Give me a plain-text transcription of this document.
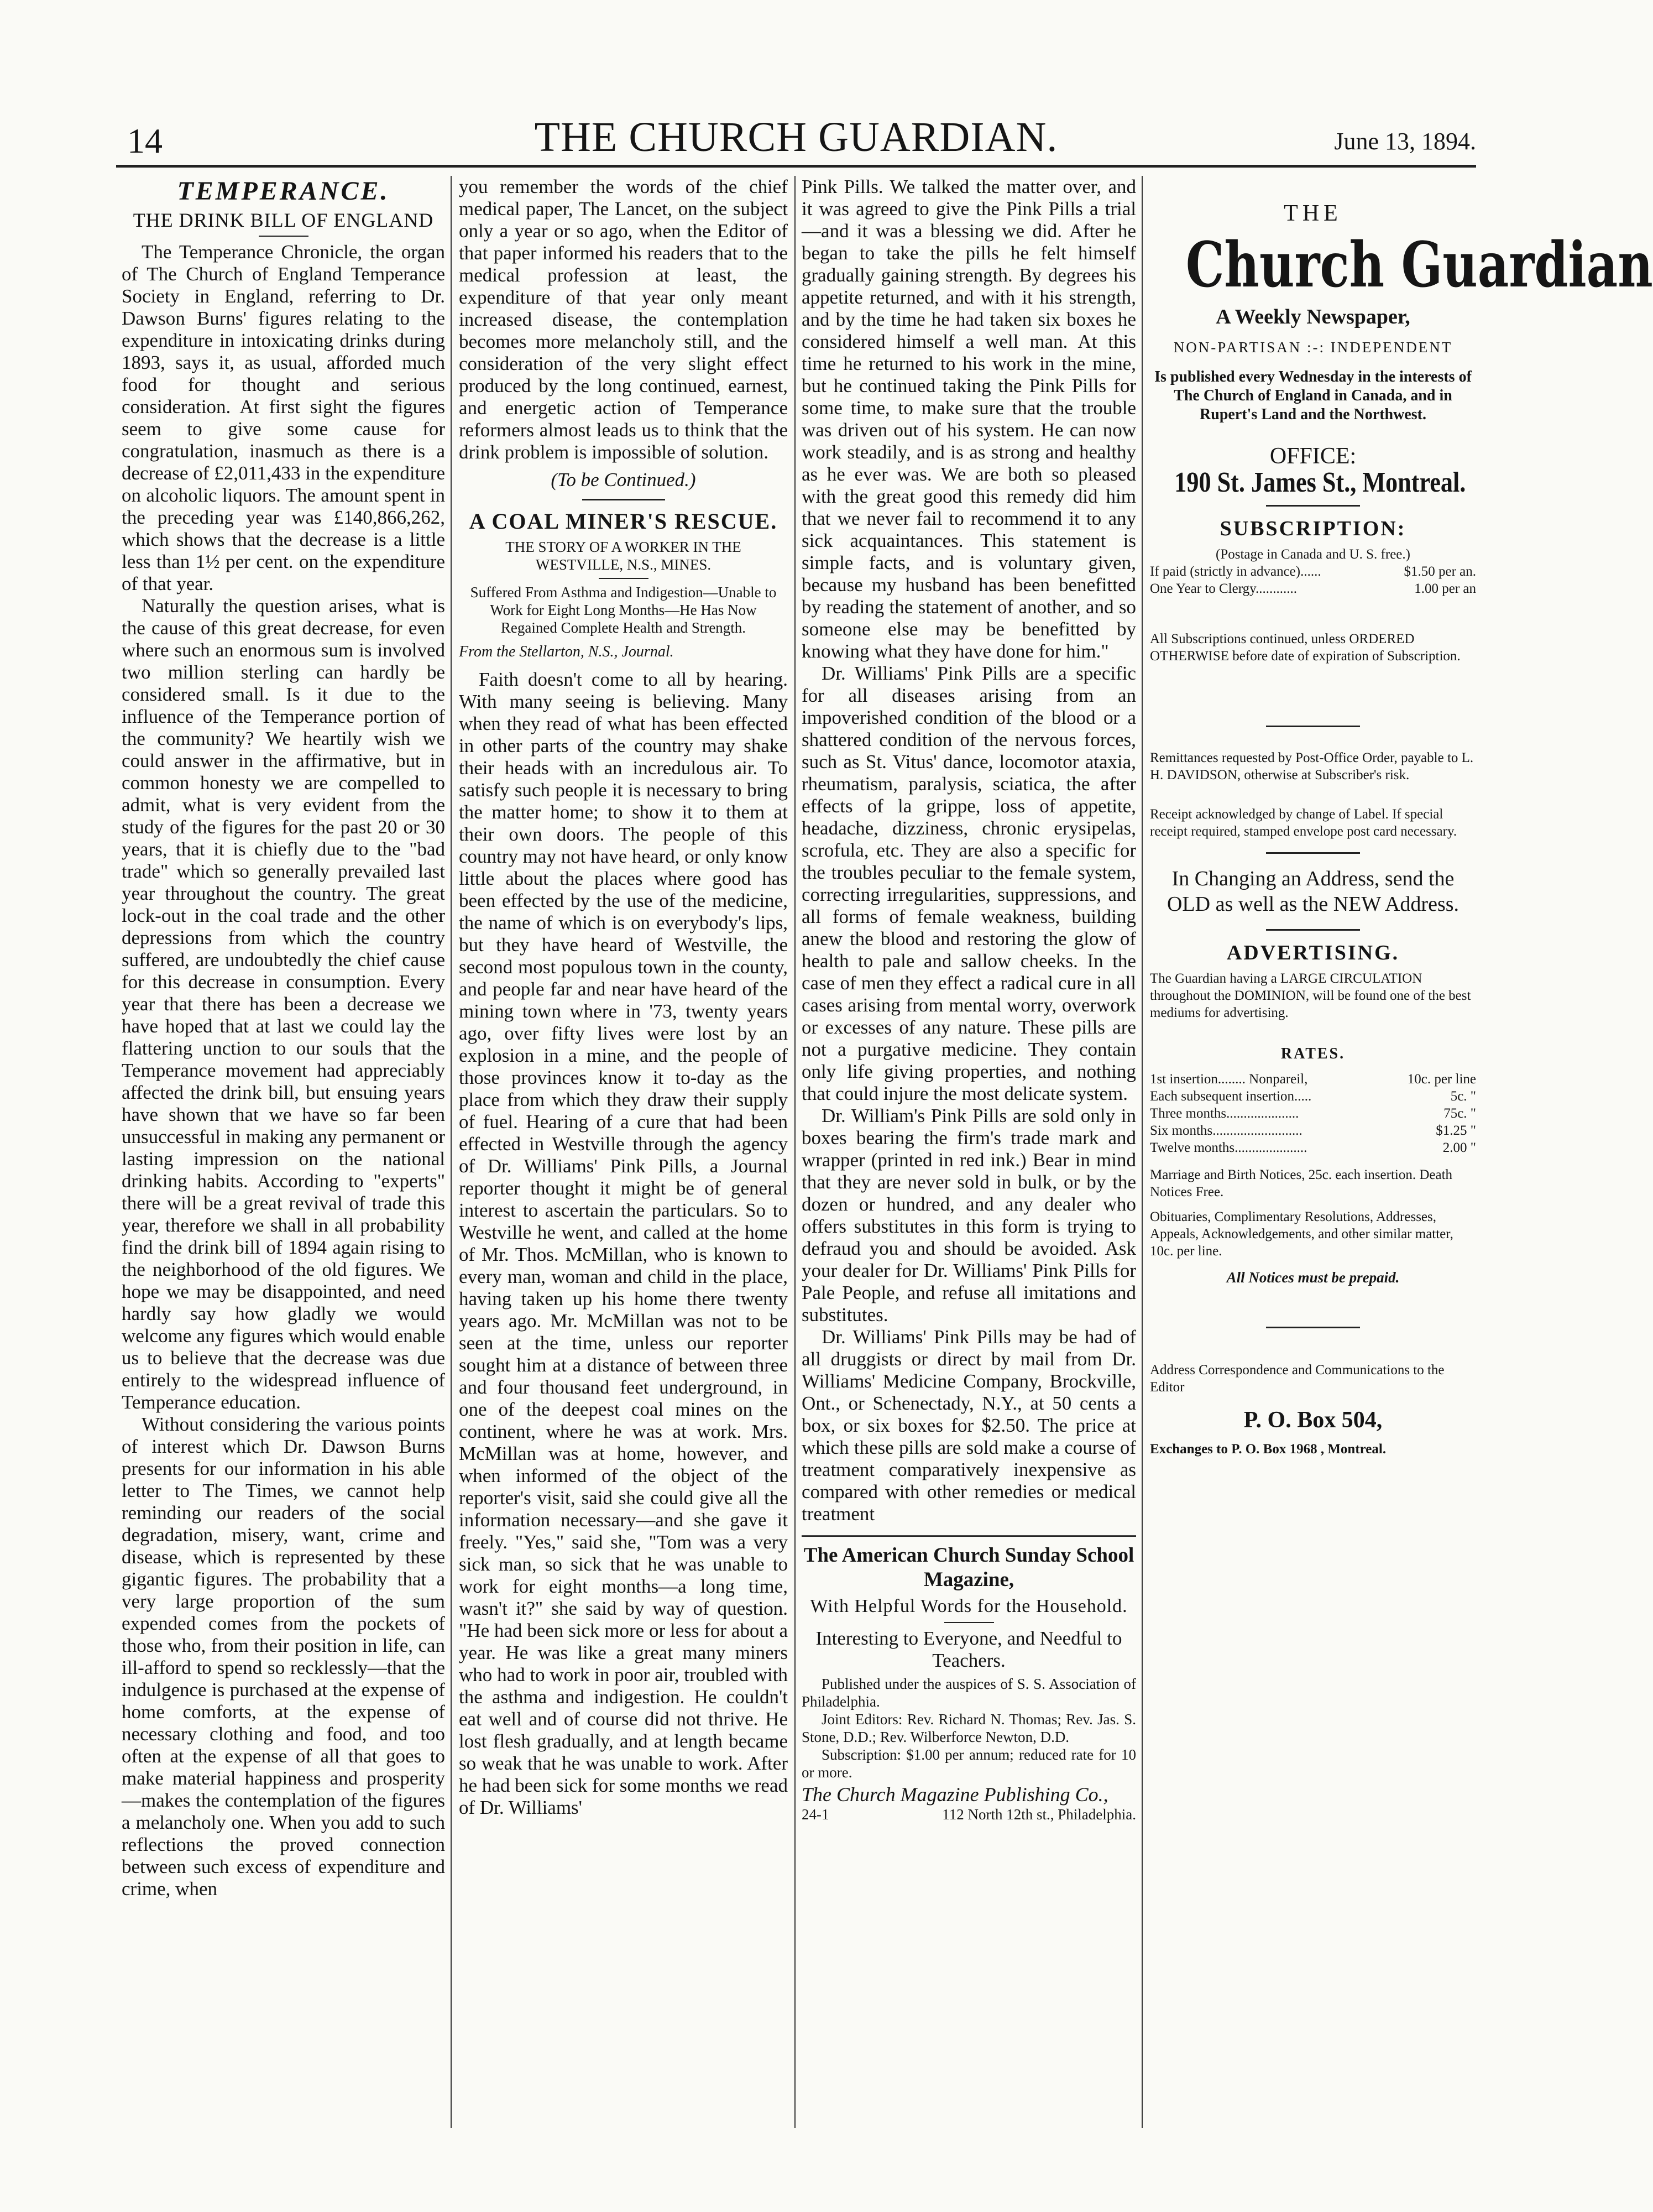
14	THE CHURCH GUARDIAN.	June 13, 1894.
TEMPERANCE.
THE DRINK BILL OF ENGLAND

The Temperance Chronicle, the organ of The Church of England Temperance Society in England, referring to Dr. Dawson Burns' figures relating to the expenditure in intoxicating drinks during 1893, says it, as usual, afforded much food for thought and serious consideration. At first sight the figures seem to give some cause for congratulation, inasmuch as there is a decrease of £2,011,433 in the expenditure on alcoholic liquors. The amount spent in the preceding year was £140,866,262, which shows that the decrease is a little less than 1½ per cent. on the expenditure of that year.

Naturally the question arises, what is the cause of this great decrease, for even where such an enormous sum is involved two million sterling can hardly be considered small. Is it due to the influence of the Temperance portion of the community? We heartily wish we could answer in the affirmative, but in common honesty we are compelled to admit, what is very evident from the study of the figures for the past 20 or 30 years, that it is chiefly due to the "bad trade" which so generally prevailed last year throughout the country. The great lock-out in the coal trade and the other depressions from which the country suffered, are undoubtedly the chief cause for this decrease in consumption. Every year that there has been a decrease we have hoped that at last we could lay the flattering unction to our souls that the Temperance movement had appreciably affected the drink bill, but ensuing years have shown that we have so far been unsuccessful in making any permanent or lasting impression on the national drinking habits. According to "experts" there will be a great revival of trade this year, therefore we shall in all probability find the drink bill of 1894 again rising to the neighborhood of the old figures. We hope we may be disappointed, and need hardly say how gladly we would welcome any figures which would enable us to believe that the decrease was due entirely to the widespread influence of Temperance education.

Without considering the various points of interest which Dr. Dawson Burns presents for our information in his able letter to The Times, we cannot help reminding our readers of the social degradation, misery, want, crime and disease, which is represented by these gigantic figures. The probability that a very large proportion of the sum expended comes from the pockets of those who, from their position in life, can ill-afford to spend so recklessly—that the indulgence is purchased at the expense of home comforts, at the expense of necessary clothing and food, and too often at the expense of all that goes to make material happiness and prosperity—makes the contemplation of the figures a melancholy one. When you add to such reflections the proved connection between such excess of expenditure and crime, when

you remember the words of the chief medical paper, The Lancet, on the subject only a year or so ago, when the Editor of that paper informed his readers that to the medical profession at least, the expenditure of that year only meant increased disease, the contemplation becomes more melancholy still, and the consideration of the very slight effect produced by the long continued, earnest, and energetic action of Temperance reformers almost leads us to think that the drink problem is impossible of solution.

(To be Continued.)
A COAL MINER'S RESCUE.
THE STORY OF A WORKER IN THE WESTVILLE, N.S., MINES.
Suffered From Asthma and Indigestion—Unable to Work for Eight Long Months—He Has Now Regained Complete Health and Strength.
From the Stellarton, N.S., Journal.

Faith doesn't come to all by hearing. With many seeing is believing. Many when they read of what has been effected in other parts of the country may shake their heads with an incredulous air. To satisfy such people it is necessary to bring the matter home; to show it to them at their own doors. The people of this country may not have heard, or only know little about the places where good has been effected by the use of the medicine, the name of which is on everybody's lips, but they have heard of Westville, the second most populous town in the county, and people far and near have heard of the mining town where in '73, twenty years ago, over fifty lives were lost by an explosion in a mine, and the people of those provinces know it to-day as the place from which they draw their supply of fuel. Hearing of a cure that had been effected in Westville through the agency of Dr. Williams' Pink Pills, a Journal reporter thought it might be of general interest to ascertain the particulars. So to Westville he went, and called at the home of Mr. Thos. McMillan, who is known to every man, woman and child in the place, having taken up his home there twenty years ago. Mr. McMillan was not to be seen at the time, unless our reporter sought him at a distance of between three and four thousand feet underground, in one of the deepest coal mines on the continent, where he was at work. Mrs. McMillan was at home, however, and when informed of the object of the reporter's visit, said she could give all the information necessary—and she gave it freely. "Yes," said she, "Tom was a very sick man, so sick that he was unable to work for eight months—a long time, wasn't it?" she said by way of question. "He had been sick more or less for about a year. He was like a great many miners who had to work in poor air, troubled with the asthma and indigestion. He couldn't eat well and of course did not thrive. He lost flesh gradually, and at length became so weak that he was unable to work. After he had been sick for some months we read of Dr. Williams'

Pink Pills. We talked the matter over, and it was agreed to give the Pink Pills a trial—and it was a blessing we did. After he began to take the pills he felt himself gradually gaining strength. By degrees his appetite returned, and with it his strength, and by the time he had taken six boxes he considered himself a well man. At this time he returned to his work in the mine, but he continued taking the Pink Pills for some time, to make sure that the trouble was driven out of his system. He can now work steadily, and is as strong and healthy as he ever was. We are both so pleased with the great good this remedy did him that we never fail to recommend it to any sick acquaintances. This statement is simple facts, and is voluntary given, because my husband has been benefitted by reading the statement of another, and so someone else may be benefitted by knowing what they have done for him."

Dr. Williams' Pink Pills are a specific for all diseases arising from an impoverished condition of the blood or a shattered condition of the nervous forces, such as St. Vitus' dance, locomotor ataxia, rheumatism, paralysis, sciatica, the after effects of la grippe, loss of appetite, headache, dizziness, chronic erysipelas, scrofula, etc. They are also a specific for the troubles peculiar to the female system, correcting irregularities, suppressions, and all forms of female weakness, building anew the blood and restoring the glow of health to pale and sallow cheeks. In the case of men they effect a radical cure in all cases arising from mental worry, overwork or excesses of any nature. These pills are not a purgative medicine. They contain only life giving properties, and nothing that could injure the most delicate system.

Dr. William's Pink Pills are sold only in boxes bearing the firm's trade mark and wrapper (printed in red ink.) Bear in mind that they are never sold in bulk, or by the dozen or hundred, and any dealer who offers substitutes in this form is trying to defraud you and should be avoided. Ask your dealer for Dr. Williams' Pink Pills for Pale People, and refuse all imitations and substitutes.

Dr. Williams' Pink Pills may be had of all druggists or direct by mail from Dr. Williams' Medicine Company, Brockville, Ont., or Schenectady, N.Y., at 50 cents a box, or six boxes for $2.50. The price at which these pills are sold make a course of treatment comparatively inexpensive as compared with other remedies or medical treatment

The American Church Sunday School Magazine,
With Helpful Words for the Household.
Interesting to Everyone, and Needful to Teachers.

Published under the auspices of S. S. Association of Philadelphia.

Joint Editors: Rev. Richard N. Thomas; Rev. Jas. S. Stone, D.D.; Rev. Wilberforce Newton, D.D.

Subscription: $1.00 per annum; reduced rate for 10 or more.

The Church Magazine Publishing Co.,
24-1	112 North 12th st., Philadelphia.
THE
Church Guardian
A Weekly Newspaper,
NON-PARTISAN :-: INDEPENDENT
Is published every Wednesday in the interests of The Church of England in Canada, and in Rupert's Land and the Northwest.
OFFICE:
190 St. James St., Montreal.
SUBSCRIPTION:
(Postage in Canada and U. S. free.)
If paid (strictly in advance)......	$1.50 per an.
One Year to Clergy............	1.00 per an
All Subscriptions continued, unless ORDERED OTHERWISE before date of expiration of Subscription.
Remittances requested by Post-Office Order, payable to L. H. DAVIDSON, otherwise at Subscriber's risk.
Receipt acknowledged by change of Label. If special receipt required, stamped envelope post card necessary.
In Changing an Address, send the OLD as well as the NEW Address.
ADVERTISING.
The Guardian having a LARGE CIRCULATION throughout the DOMINION, will be found one of the best mediums for advertising.
RATES.
1st insertion........ Nonpareil,	10c. per line
Each subsequent insertion.....	5c. "
Three months.....................	75c. "
Six months..........................	$1.25 "
Twelve months.....................	2.00 "
Marriage and Birth Notices, 25c. each insertion. Death Notices Free.
Obituaries, Complimentary Resolutions, Addresses, Appeals, Acknowledgements, and other similar matter, 10c. per line.
All Notices must be prepaid.
Address Correspondence and Communications to the Editor
P. O. Box 504,
Exchanges to P. O. Box 1968 , Montreal.
